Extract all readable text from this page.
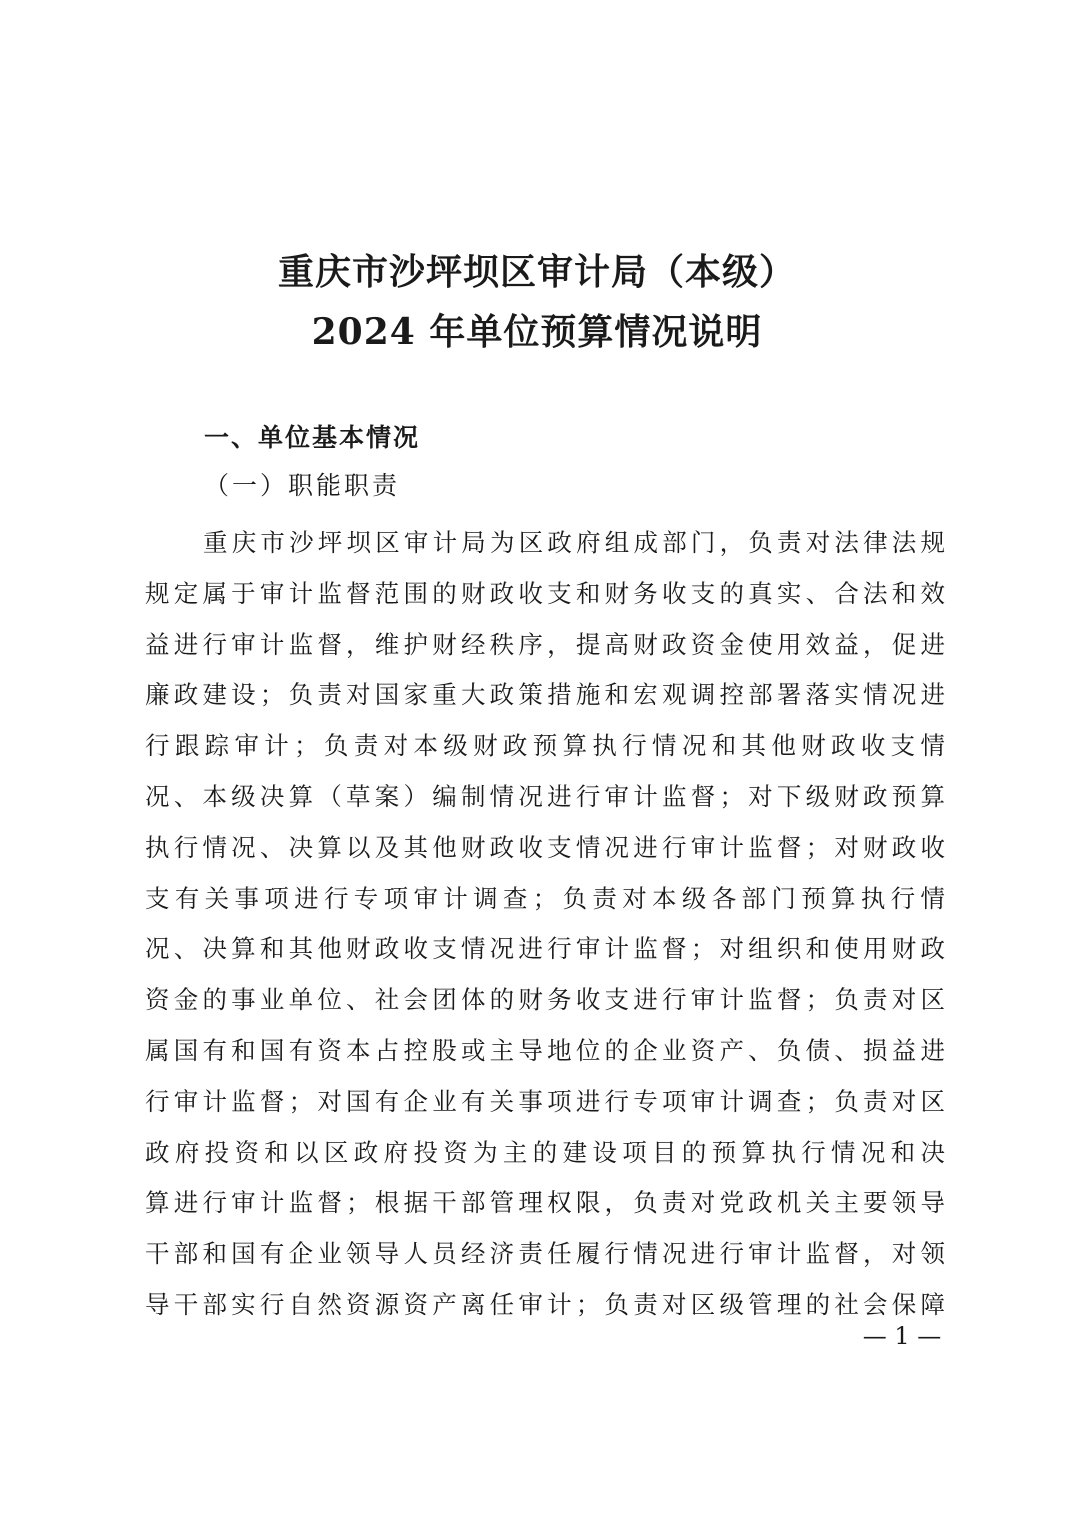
重庆市沙坪坝区审计局（本级）
2024 年单位预算情况说明
一、单位基本情况
（一）职能职责
重庆市沙坪坝区审计局为区政府组成部门，负责对法律法规
规定属于审计监督范围的财政收支和财务收支的真实、合法和效
益进行审计监督，维护财经秩序，提高财政资金使用效益，促进
廉政建设；负责对国家重大政策措施和宏观调控部署落实情况进
行跟踪审计；负责对本级财政预算执行情况和其他财政收支情
况、本级决算（草案）编制情况进行审计监督；对下级财政预算
执行情况、决算以及其他财政收支情况进行审计监督；对财政收
支有关事项进行专项审计调查；负责对本级各部门预算执行情
况、决算和其他财政收支情况进行审计监督；对组织和使用财政
资金的事业单位、社会团体的财务收支进行审计监督；负责对区
属国有和国有资本占控股或主导地位的企业资产、负债、损益进
行审计监督；对国有企业有关事项进行专项审计调查；负责对区
政府投资和以区政府投资为主的建设项目的预算执行情况和决
算进行审计监督；根据干部管理权限，负责对党政机关主要领导
干部和国有企业领导人员经济责任履行情况进行审计监督，对领
导干部实行自然资源资产离任审计；负责对区级管理的社会保障
— 1 —
